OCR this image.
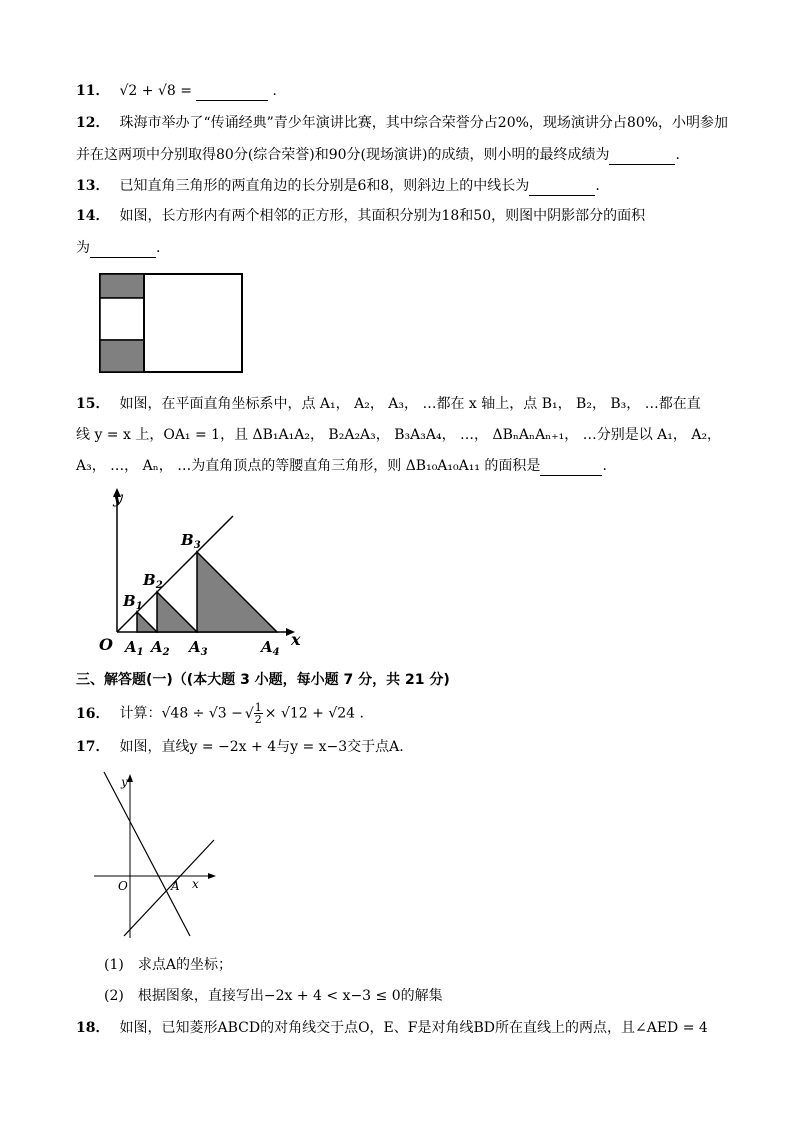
11． √2 + √8 =	.
12． 珠海市举办了“传诵经典”青少年演讲比赛，其中综合荣誉分占20%，现场演讲分占80%，小明参加
并在这两项中分别取得80分(综合荣誉)和90分(现场演讲)的成绩，则小明的最终成绩为	.
13． 已知直角三角形的两直角边的长分别是6和8，则斜边上的中线长为	.
14． 如图，长方形内有两个相邻的正方形，其面积分别为18和50，则图中阴影部分的面积
为	.
15． 如图，在平面直角坐标系中，点 A₁， A₂， A₃， …都在 x 轴上，点 B₁， B₂， B₃， …都在直
线 y = x 上，OA₁ = 1，且 ΔB₁A₁A₂， B₂A₂A₃， B₃A₃A₄， …， ΔBₙAₙAₙ₊₁， …分别是以 A₁， A₂，
A₃， …， Aₙ， …为直角顶点的等腰直角三角形，则 ΔB₁₀A₁₀A₁₁ 的面积是	.
y
x
O $A_1$ $A_2$ $A_3$	$A_4$
$B_1$
$B_2$
$B_3$
三、解答题(一)（(本大题 3 小题，每小题 7 分，共 21 分)
16． 计算：√48 ÷ √3 − √ $\frac{1}{2} \times √12 + √24$ .
17． 如图，直线y = −2x + 4与y = x−3交于点A.
y
x
O	A
(1) 求点A的坐标；
(2) 根据图象，直接写出−2x + 4 < x−3 ≤ 0的解集
18． 如图，已知菱形ABCD的对角线交于点O，E、F是对角线BD所在直线上的两点，且∠AED = 4
